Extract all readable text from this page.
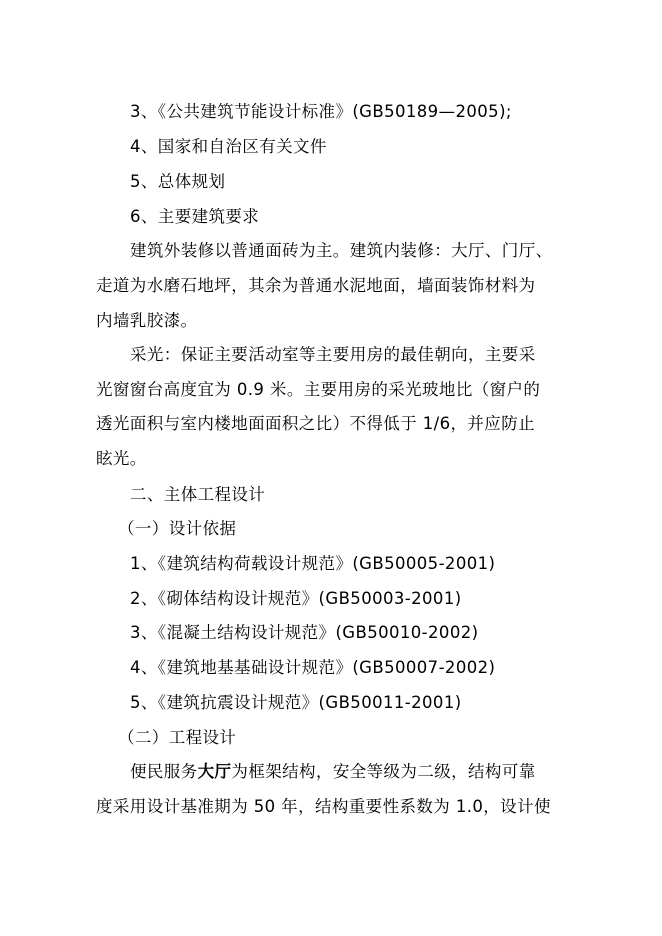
3、《公共建筑节能设计标准》(GB50189—2005);
4、国家和自治区有关文件
5、总体规划
6、主要建筑要求
建筑外装修以普通面砖为主。建筑内装修：大厅、门厅、
走道为水磨石地坪，其余为普通水泥地面，墙面装饰材料为
内墙乳胶漆。
采光：保证主要活动室等主要用房的最佳朝向，主要采
光窗窗台高度宜为 0.9 米。主要用房的采光玻地比（窗户的
透光面积与室内楼地面面积之比）不得低于 1/6，并应防止
眩光。
二、主体工程设计
（一）设计依据
1、《建筑结构荷载设计规范》(GB50005-2001)
2、《砌体结构设计规范》(GB50003-2001)
3、《混凝土结构设计规范》(GB50010-2002)
4、《建筑地基基础设计规范》(GB50007-2002)
5、《建筑抗震设计规范》(GB50011-2001)
（二）工程设计
便民服务大厅为框架结构，安全等级为二级，结构可靠
度采用设计基准期为 50 年，结构重要性系数为 1.0，设计使
